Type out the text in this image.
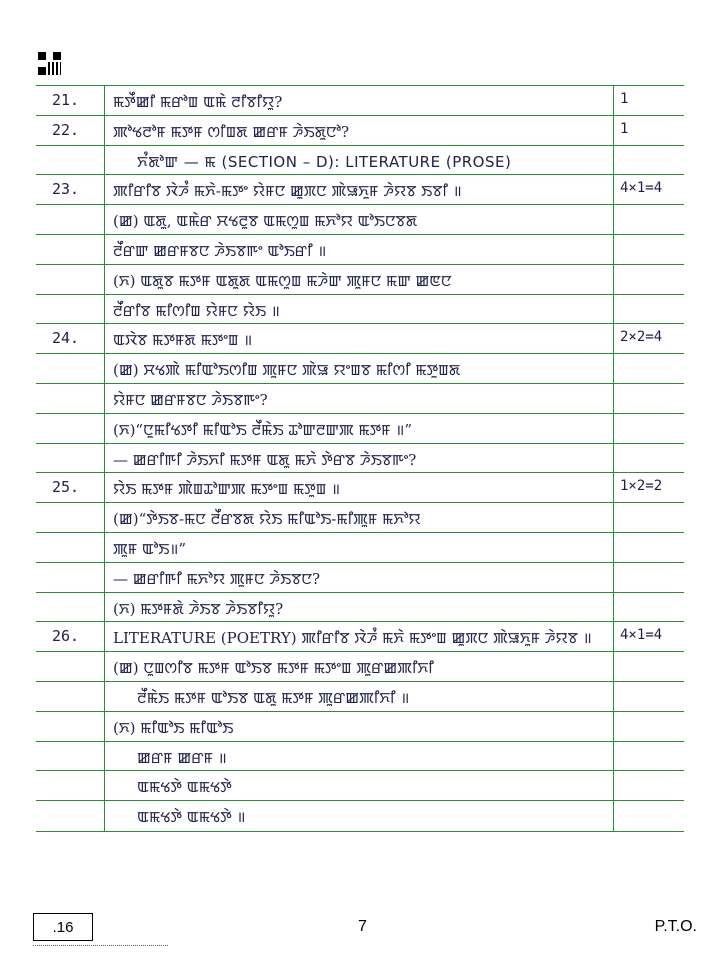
21.	ꯃꯇꯩꯀꯤ ꯃꯔꯣꯡ ꯑꯃꯥ ꯂꯤꯕꯤꯌꯨ?	1
22.	ꯄꯣꯠꯂꯣꯝ ꯃꯇꯝ ꯁꯤꯡꯗ ꯀꯔꯝ ꯍꯥꯏꯗꯨꯅꯣ?	1
ꯈꯪꯗꯣꯛ — ꯃ (SECTION – D): LITERATURE (PROSE)
23.	ꯄꯤꯔꯤꯕ ꯋꯥꯍꯪ ꯃꯈꯥ-ꯃꯇꯦ ꯌꯥꯝꯅ ꯀꯨꯞꯅ ꯄꯥꯎꯈꯨꯝ ꯍꯥꯌꯕ ꯏꯕꯤ ॥	4×1=4
(ꯀ) ꯑꯗꯨ, ꯑꯃꯥꯔ ꯆꯠꯂꯨꯕ ꯑꯃꯁꯨꯡ ꯃꯈꯣꯌ ꯑꯣꯏꯅꯕꯗ
ꯂꯩꯔꯛ ꯀꯔꯝꯕꯅ ꯍꯥꯏꯕꯒꯦ ꯑꯣꯏꯔꯤ ॥
(ꯈ) ꯑꯗꯨꯕ ꯃꯇꯝ ꯑꯗꯨꯗ ꯑꯃꯁꯨꯡ ꯃꯍꯥꯛ ꯄꯨꯝꯅ ꯃꯛ ꯀꯟꯅ
ꯂꯩꯔꯤꯕ ꯃꯤꯁꯤꯡ ꯌꯥꯝꯅ ꯌꯥꯏ ॥
24.	ꯑꯋꯥꯕ ꯃꯇꯝꯗ ꯃꯇꯦꯡ ॥	2×2=4
(ꯀ) ꯆꯠꯄꯥ ꯃꯤꯑꯣꯏꯁꯤꯡ ꯄꯨꯝꯅ ꯄꯥꯎ ꯌꯦꯡꯕ ꯃꯤꯁꯤ ꯃꯇꯨꯡꯗ
ꯌꯥꯝꯅ ꯀꯔꯝꯕꯅ ꯍꯥꯏꯕꯒꯦ?
(ꯈ)“ꯅꯨꯃꯤꯠꯇꯤ ꯃꯤꯑꯣꯏ ꯂꯩꯃꯥꯏ ꯊꯣꯛꯂꯛꯄ ꯃꯇꯝ ॥”
— ꯀꯔꯤꯒꯤ ꯍꯥꯏꯈꯤ ꯃꯇꯝ ꯑꯗꯨ ꯃꯈꯥ ꯇꯥꯔꯕ ꯍꯥꯏꯕꯒꯦ?
25.	ꯌꯥꯏ ꯃꯇꯝ ꯄꯥꯡꯊꯣꯛꯄ ꯃꯇꯦꯡ ꯃꯇꯨꯡ ॥	1×2=2
(ꯀ)“ꯇꯥꯏꯕ-ꯃꯅ ꯂꯩꯔꯕꯗ ꯌꯥꯏ ꯃꯤꯑꯣꯏ-ꯃꯤꯄꯨꯝ ꯃꯈꯣꯌ
ꯄꯨꯝ ꯑꯣꯏ॥”
— ꯀꯔꯤꯒꯤ ꯃꯈꯣꯌ ꯄꯨꯝꯅ ꯍꯥꯏꯕꯅ?
(ꯈ) ꯃꯇꯝꯗꯥ ꯍꯥꯏꯕ ꯍꯥꯏꯕꯤꯌꯨ?
26.	LITERATURE (POETRY) ꯄꯤꯔꯤꯕ ꯋꯥꯍꯪ ꯃꯈꯥ ꯃꯇꯦꯡ ꯀꯨꯞꯅ ꯄꯥꯎꯈꯨꯝ ꯍꯥꯌꯕ ॥	4×1=4
(ꯀ) ꯅꯨꯡꯁꯤꯕ ꯃꯇꯝ ꯑꯣꯏꯕ ꯃꯇꯝ ꯃꯇꯦꯡ ꯄꯨꯔꯀꯄꯤꯈꯤ
ꯂꯩꯃꯥꯏ ꯃꯇꯝ ꯑꯣꯏꯕ ꯑꯗꯨ ꯃꯇꯝ ꯄꯨꯔꯀꯄꯤꯈꯤ ॥
(ꯈ) ꯃꯤꯑꯣꯏ ꯃꯤꯑꯣꯏ
ꯀꯔꯝ ꯀꯔꯝ ॥
ꯑꯃꯠꯇꯥ ꯑꯃꯠꯇꯥ
ꯑꯃꯠꯇꯥ ꯑꯃꯠꯇꯥ ॥
.16	7	P.T.O.
